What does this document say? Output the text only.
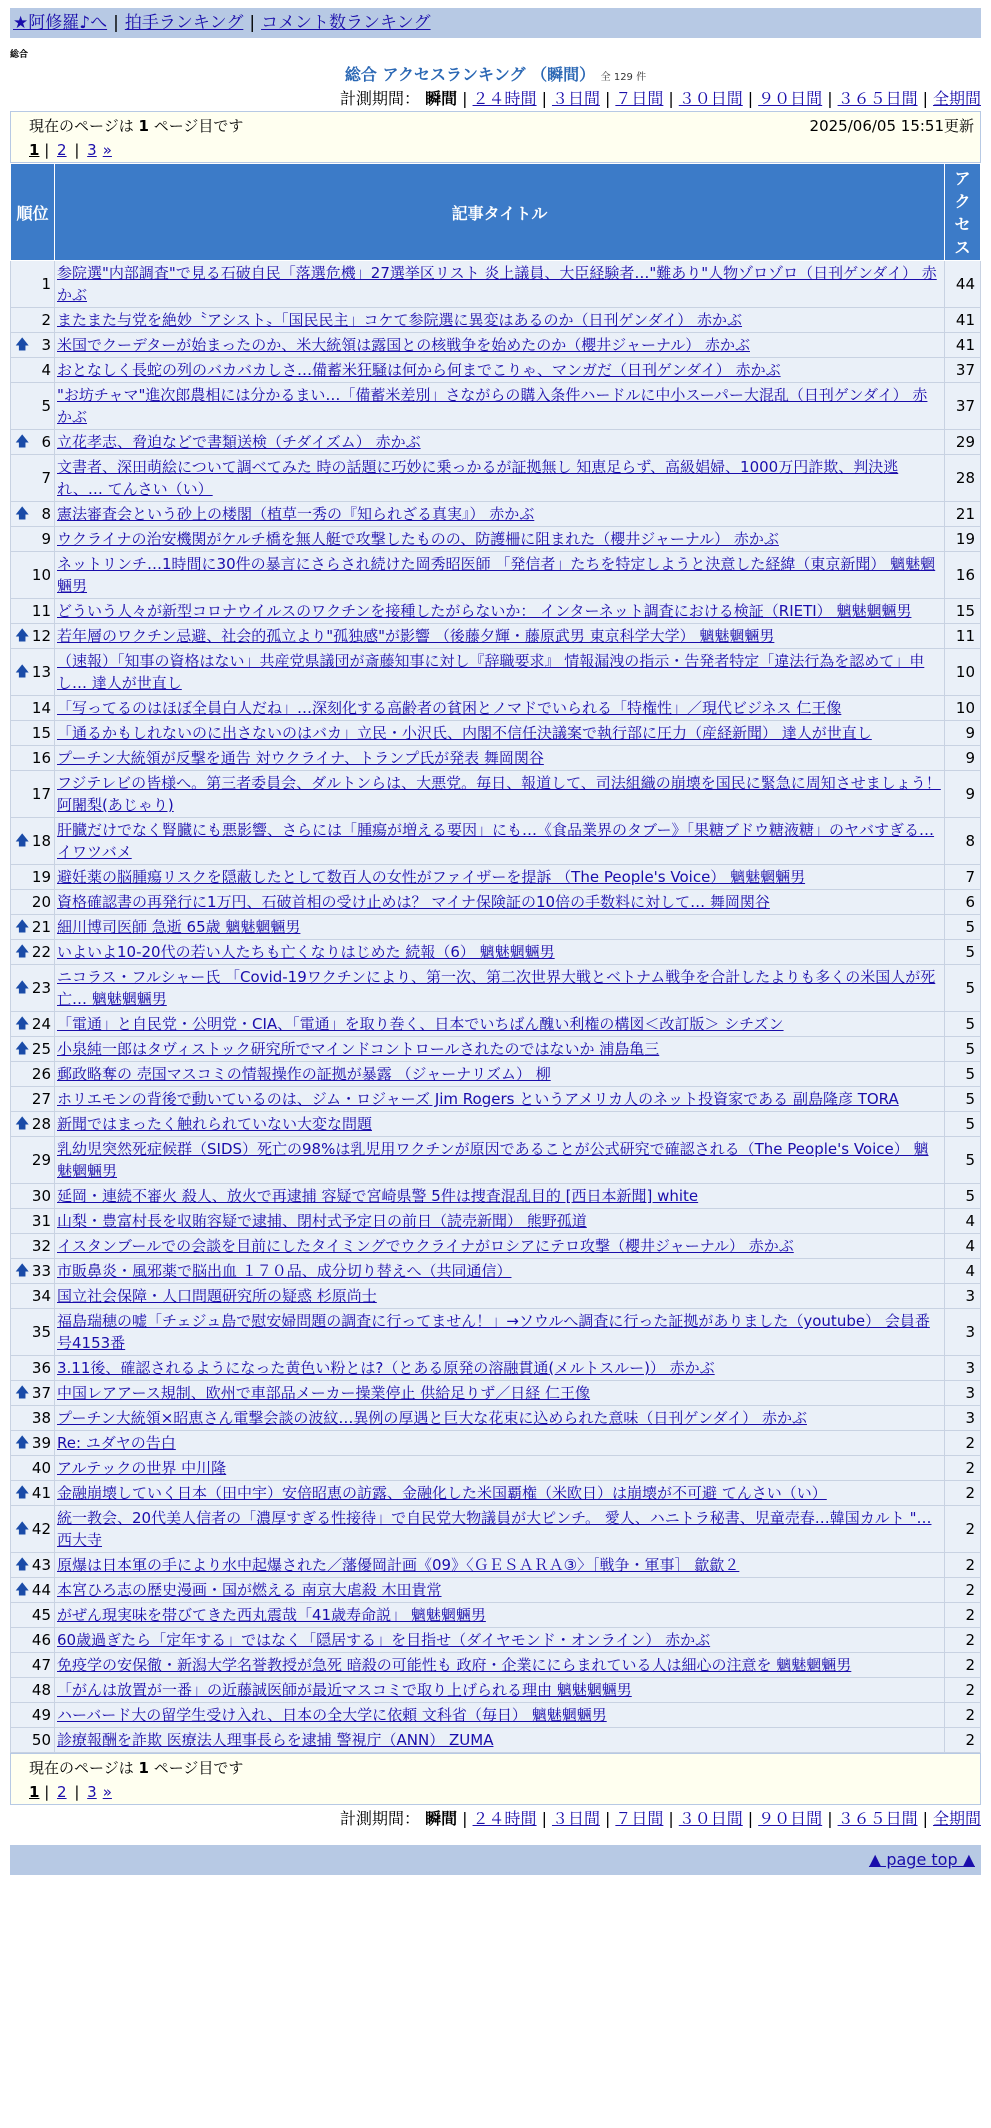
★阿修羅♪へ | 拍手ランキング | コメント数ランキング
総合
総合 アクセスランキング （瞬間） 全 129 件
計測期間： 瞬間 | ２４時間 | ３日間 | ７日間 | ３０日間 | ９０日間 | ３６５日間 | 全期間
現在のページは 1 ページ目です	2025/06/05 15:51更新
1 | 2 | 3 »
順位	記事タイトル	アクセス
1	参院選"内部調査"で見る石破自民「落選危機」27選挙区リスト 炎上議員、大臣経験者…"難あり"人物ゾロゾロ（日刊ゲンダイ） 赤かぶ	44
2	またまた与党を絶妙〝アシスト〟「国民民主」コケて参院選に異変はあるのか（日刊ゲンダイ） 赤かぶ	41

🡅 3	米国でクーデターが始まったのか、米大統領は露国との核戦争を始めたのか（櫻井ジャーナル） 赤かぶ	41
4	おとなしく長蛇の列のバカバカしさ…備蓄米狂騒は何から何までこりゃ、マンガだ（日刊ゲンダイ） 赤かぶ	37
5	"お坊チャマ"進次郎農相には分かるまい…「備蓄米差別」さながらの購入条件ハードルに中小スーパー大混乱（日刊ゲンダイ） 赤かぶ	37

🡅 6	立花孝志、脅迫などで書類送検（チダイズム） 赤かぶ	29
7	文書者、深田萌絵について調べてみた 時の話題に巧妙に乗っかるが証拠無し 知恵足らず、高級娼婦、1000万円詐欺、判決逃れ、… てんさい（い）	28

🡅 8	憲法審査会という砂上の楼閣（植草一秀の『知られざる真実』） 赤かぶ	21
9	ウクライナの治安機関がケルチ橋を無人艇で攻撃したものの、防護柵に阻まれた（櫻井ジャーナル） 赤かぶ	19
10	ネットリンチ…1時間に30件の暴言にさらされ続けた岡秀昭医師 「発信者」たちを特定しようと決意した経緯（東京新聞） 魑魅魍魎男	16
11	どういう人々が新型コロナウイルスのワクチンを接種したがらないか： インターネット調査における検証（RIETI） 魑魅魍魎男	15

🡅 12	若年層のワクチン忌避、社会的孤立より"孤独感"が影響 （後藤夕輝・藤原武男 東京科学大学） 魑魅魍魎男	11

🡅 13	（速報）「知事の資格はない」共産党県議団が斎藤知事に対し『辞職要求』 情報漏洩の指示・告発者特定「違法行為を認めて」申し… 達人が世直し	10
14	「写ってるのはほぼ全員白人だね」…深刻化する高齢者の貧困とノマドでいられる「特権性」／現代ビジネス 仁王像	10
15	「通るかもしれないのに出さないのはバカ」立民・小沢氏、内閣不信任決議案で執行部に圧力（産経新聞） 達人が世直し	9
16	プーチン大統領が反撃を通告 対ウクライナ、トランプ氏が発表 舞岡関谷	9
17	フジテレビの皆様へ。第三者委員会、ダルトンらは、大悪党。毎日、報道して、司法組織の崩壊を国民に緊急に周知させましょう！ 阿闍梨(あじゃり)	9

🡅 18	肝臓だけでなく腎臓にも悪影響、さらには「腫瘍が増える要因」にも…《食品業界のタブー》「果糖ブドウ糖液糖」のヤバすぎる… イワツバメ	8
19	避妊薬の脳腫瘍リスクを隠蔽したとして数百人の女性がファイザーを提訴 （The People's Voice） 魑魅魍魎男	7
20	資格確認書の再発行に1万円、石破首相の受け止めは？ マイナ保険証の10倍の手数料に対して… 舞岡関谷	6

🡅 21	細川博司医師 急逝 65歳 魑魅魍魎男	5

🡅 22	いよいよ10-20代の若い人たちも亡くなりはじめた 続報（6） 魑魅魍魎男	5

🡅 23	ニコラス・フルシャー氏 「Covid-19ワクチンにより、第一次、第二次世界大戦とベトナム戦争を合計したよりも多くの米国人が死亡… 魑魅魍魎男	5

🡅 24	「電通」と自民党・公明党・CIA、「電通」を取り巻く、日本でいちばん醜い利権の構図＜改訂版＞ シチズン	5

🡅 25	小泉純一郎はタヴィストック研究所でマインドコントロールされたのではないか 浦島亀三	5
26	郵政略奪の 売国マスコミの情報操作の証拠が暴露 （ジャーナリズム） 柳	5
27	ホリエモンの背後で動いているのは、ジム・ロジャーズ Jim Rogers というアメリカ人のネット投資家である 副島隆彦 TORA	5

🡅 28	新聞ではまったく触れられていない大変な問題	5
29	乳幼児突然死症候群（SIDS）死亡の98%は乳児用ワクチンが原因であることが公式研究で確認される（The People's Voice） 魑魅魍魎男	5
30	延岡・連続不審火 殺人、放火で再逮捕 容疑で宮崎県警 5件は捜査混乱目的 [西日本新聞] white	5
31	山梨・豊富村長を収賄容疑で逮捕、閉村式予定日の前日（読売新聞） 熊野孤道	4
32	イスタンブールでの会談を目前にしたタイミングでウクライナがロシアにテロ攻撃（櫻井ジャーナル） 赤かぶ	4

🡅 33	市販鼻炎・風邪薬で脳出血 １７０品、成分切り替えへ（共同通信）	4
34	国立社会保障・人口問題研究所の疑惑 杉原尚士	3
35	福島瑞穂の嘘「チェジュ島で慰安婦問題の調査に行ってません！」→ソウルへ調査に行った証拠がありました（youtube） 会員番号4153番	3
36	3.11後、確認されるようになった黄色い粉とは?（とある原発の溶融貫通(メルトスルー)） 赤かぶ	3

🡅 37	中国レアアース規制、欧州で車部品メーカー操業停止 供給足りず／日経 仁王像	3
38	プーチン大統領×昭恵さん電撃会談の波紋…異例の厚遇と巨大な花束に込められた意味（日刊ゲンダイ） 赤かぶ	3

🡅 39	Re: ユダヤの告白	2
40	アルテックの世界 中川隆	2

🡅 41	金融崩壊していく日本（田中宇）安倍昭恵の訪露、金融化した米国覇権（米欧日）は崩壊が不可避 てんさい（い）	2

🡅 42	統一教会、20代美人信者の「濃厚すぎる性接待」で自民党大物議員が大ピンチ。 愛人、ハニトラ秘書、児童売春…韓国カルト "… 西大寺	2

🡅 43	原爆は日本軍の手により水中起爆された／藩優岡計画《09》〈ＧＥＳＡＲＡ③〉［戦争・軍事］ 歙歙２	2

🡅 44	本宮ひろ志の歴史漫画・国が燃える 南京大虐殺 木田貴常	2
45	がぜん現実味を帯びてきた西丸震哉「41歳寿命説」 魑魅魍魎男	2
46	60歳過ぎたら「定年する」ではなく「隠居する」を目指せ（ダイヤモンド・オンライン） 赤かぶ	2
47	免疫学の安保徹・新潟大学名誉教授が急死 暗殺の可能性も 政府・企業ににらまれている人は細心の注意を 魑魅魍魎男	2
48	「がんは放置が一番」の近藤誠医師が最近マスコミで取り上げられる理由 魑魅魍魎男	2
49	ハーバード大の留学生受け入れ、日本の全大学に依頼 文科省（毎日） 魑魅魍魎男	2
50	診療報酬を詐欺 医療法人理事長らを逮捕 警視庁（ANN） ZUMA	2
現在のページは 1 ページ目です
1 | 2 | 3 »
計測期間： 瞬間 | ２４時間 | ３日間 | ７日間 | ３０日間 | ９０日間 | ３６５日間 | 全期間
▲ page top ▲
